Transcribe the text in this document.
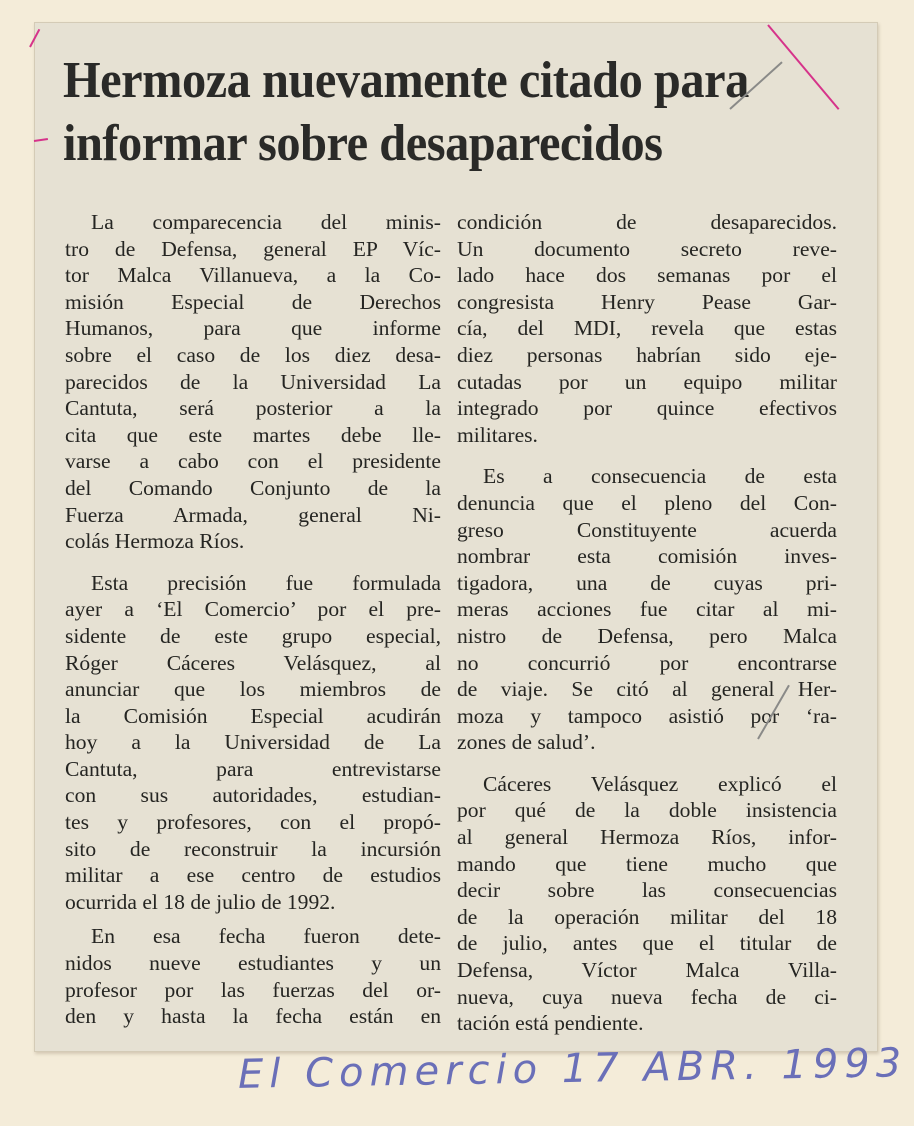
Hermoza nuevamente citado para
informar sobre desaparecidos

La comparecencia del minis-

tro de Defensa, general EP Víc-

tor Malca Villanueva, a la Co-

misión Especial de Derechos

Humanos, para que informe

sobre el caso de los diez desa-

parecidos de la Universidad La

Cantuta, será posterior a la

cita que este martes debe lle-

varse a cabo con el presidente

del Comando Conjunto de la

Fuerza Armada, general Ni-

colás Hermoza Ríos.

Esta precisión fue formulada

ayer a ‘El Comercio’ por el pre-

sidente de este grupo especial,

Róger Cáceres Velásquez, al

anunciar que los miembros de

la Comisión Especial acudirán

hoy a la Universidad de La

Cantuta, para entrevistarse

con sus autoridades, estudian-

tes y profesores, con el propó-

sito de reconstruir la incursión

militar a ese centro de estudios

ocurrida el 18 de julio de 1992.

En esa fecha fueron dete-

nidos nueve estudiantes y un

profesor por las fuerzas del or-

den y hasta la fecha están en

condición de desaparecidos.

Un documento secreto reve-

lado hace dos semanas por el

congresista Henry Pease Gar-

cía, del MDI, revela que estas

diez personas habrían sido eje-

cutadas por un equipo militar

integrado por quince efectivos

militares.

Es a consecuencia de esta

denuncia que el pleno del Con-

greso Constituyente acuerda

nombrar esta comisión inves-

tigadora, una de cuyas pri-

meras acciones fue citar al mi-

nistro de Defensa, pero Malca

no concurrió por encontrarse

de viaje. Se citó al general Her-

moza y tampoco asistió por ‘ra-

zones de salud’.

Cáceres Velásquez explicó el

por qué de la doble insistencia

al general Hermoza Ríos, infor-

mando que tiene mucho que

decir sobre las consecuencias

de la operación militar del 18

de julio, antes que el titular de

Defensa, Víctor Malca Villa-

nueva, cuya nueva fecha de ci-

tación está pendiente.

El Comercio 17 ABR. 1993
